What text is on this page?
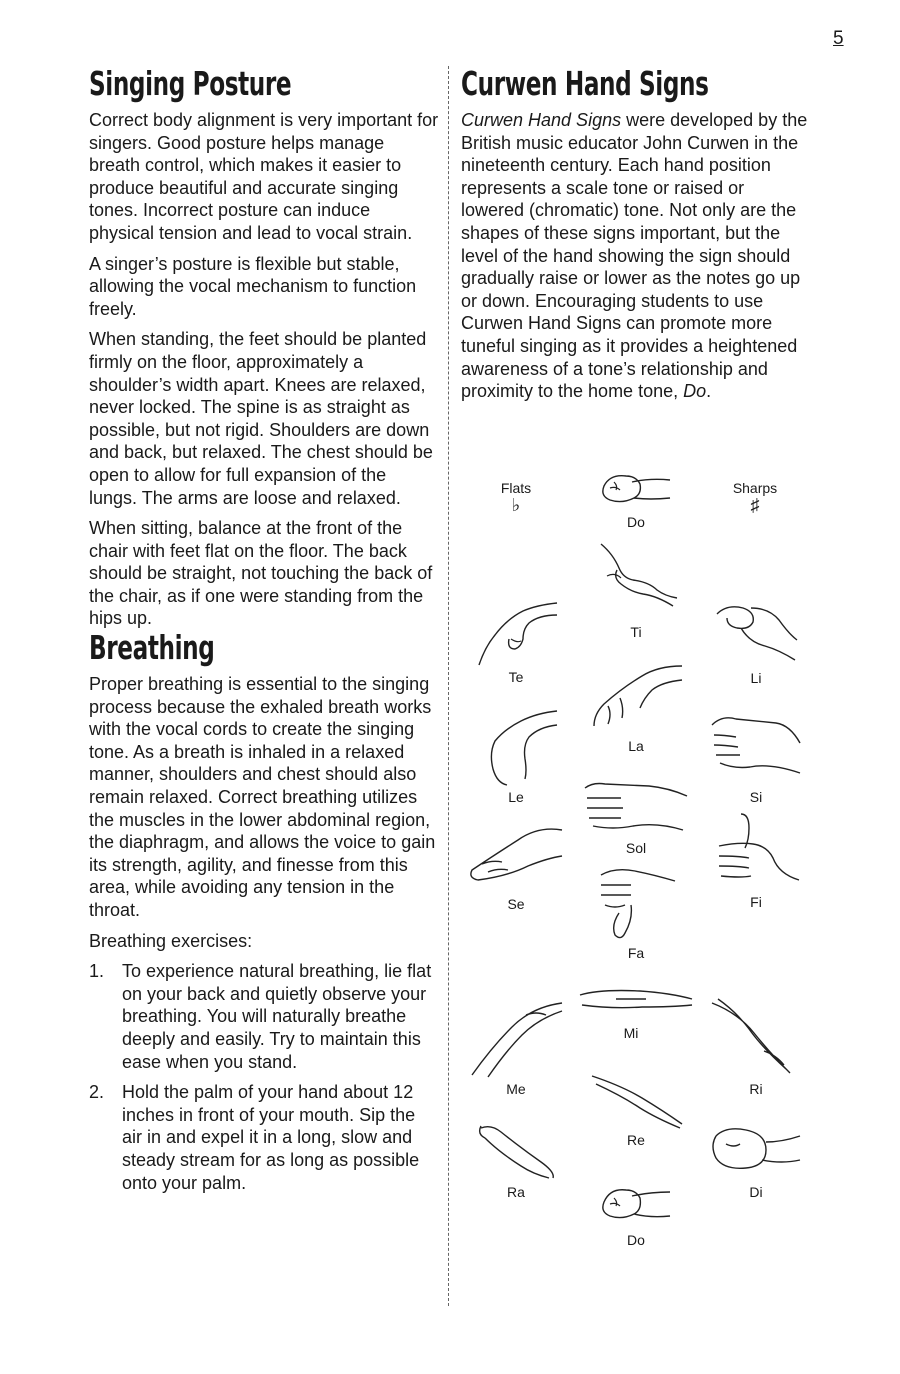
5
Singing Posture

Correct body alignment is very important for singers. Good posture helps manage breath control, which makes it easier to produce beautiful and accurate singing tones. Incorrect posture can induce physical tension and lead to vocal strain.

A singer’s posture is flexible but stable, allowing the vocal mechanism to function freely.

When standing, the feet should be planted firmly on the floor, approximately a shoulder’s width apart. Knees are relaxed, never locked. The spine is as straight as possible, but not rigid. Shoulders are down and back, but relaxed. The chest should be open to allow for full expansion of the lungs. The arms are loose and relaxed.

When sitting, balance at the front of the chair with feet flat on the floor. The back should be straight, not touching the back of the chair, as if one were standing from the hips up.

Breathing

Proper breathing is essential to the singing process because the exhaled breath works with the vocal cords to create the singing tone. As a breath is inhaled in a relaxed manner, shoulders and chest should also remain relaxed. Correct breathing utilizes the muscles in the lower abdominal region, the diaphragm, and allows the voice to gain its strength, agility, and finesse from this area, while avoiding any tension in the throat.

Breathing exercises:

1. To experience natural breathing, lie flat on your back and quietly observe your breathing. You will naturally breathe deeply and easily. Try to maintain this ease when you stand.
2. Hold the palm of your hand about 12 inches in front of your mouth. Sip the air in and expel it in a long, slow and steady stream for as long as possible onto your palm.
Curwen Hand Signs

Curwen Hand Signs were developed by the British music educator John Curwen in the nineteenth century. Each hand position represents a scale tone or raised or lowered (chromatic) tone. Not only are the shapes of these signs important, but the level of the hand showing the sign should gradually raise or lower as the notes go up or down. Encouraging students to use Curwen Hand Signs can promote more tuneful singing as it provides a heightened awareness of a tone’s relationship and proximity to the home tone, Do.

Flats
♭
Sharps
♯
Do
Ti
Te	Li
La
Le	Si
Sol
Se	Fi
Fa
Mi
Me	Ri
Re
Ra	Di
Do
